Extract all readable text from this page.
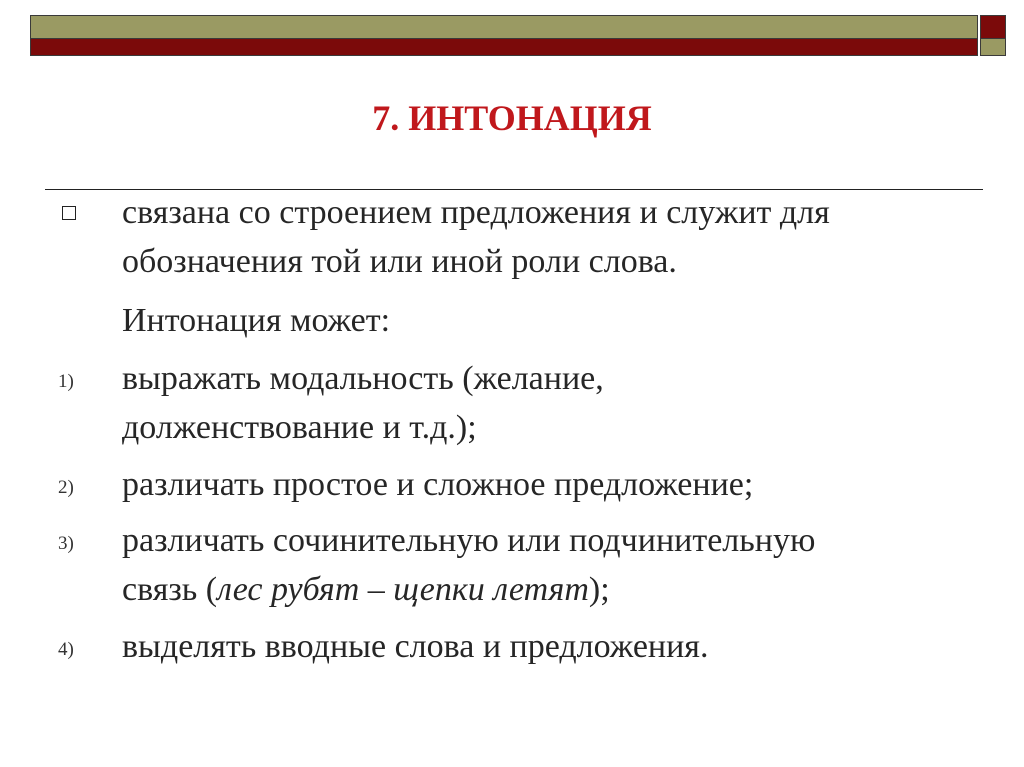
7. ИНТОНАЦИЯ
связана со строением предложения и служит для
обозначения той или иной роли слова.
Интонация может:
1) выражать модальность (желание,
долженствование и т.д.);
2) различать простое и сложное предложение;
3) различать сочинительную или подчинительную
связь (лес рубят – щепки летят);
4) выделять вводные слова и предложения.
